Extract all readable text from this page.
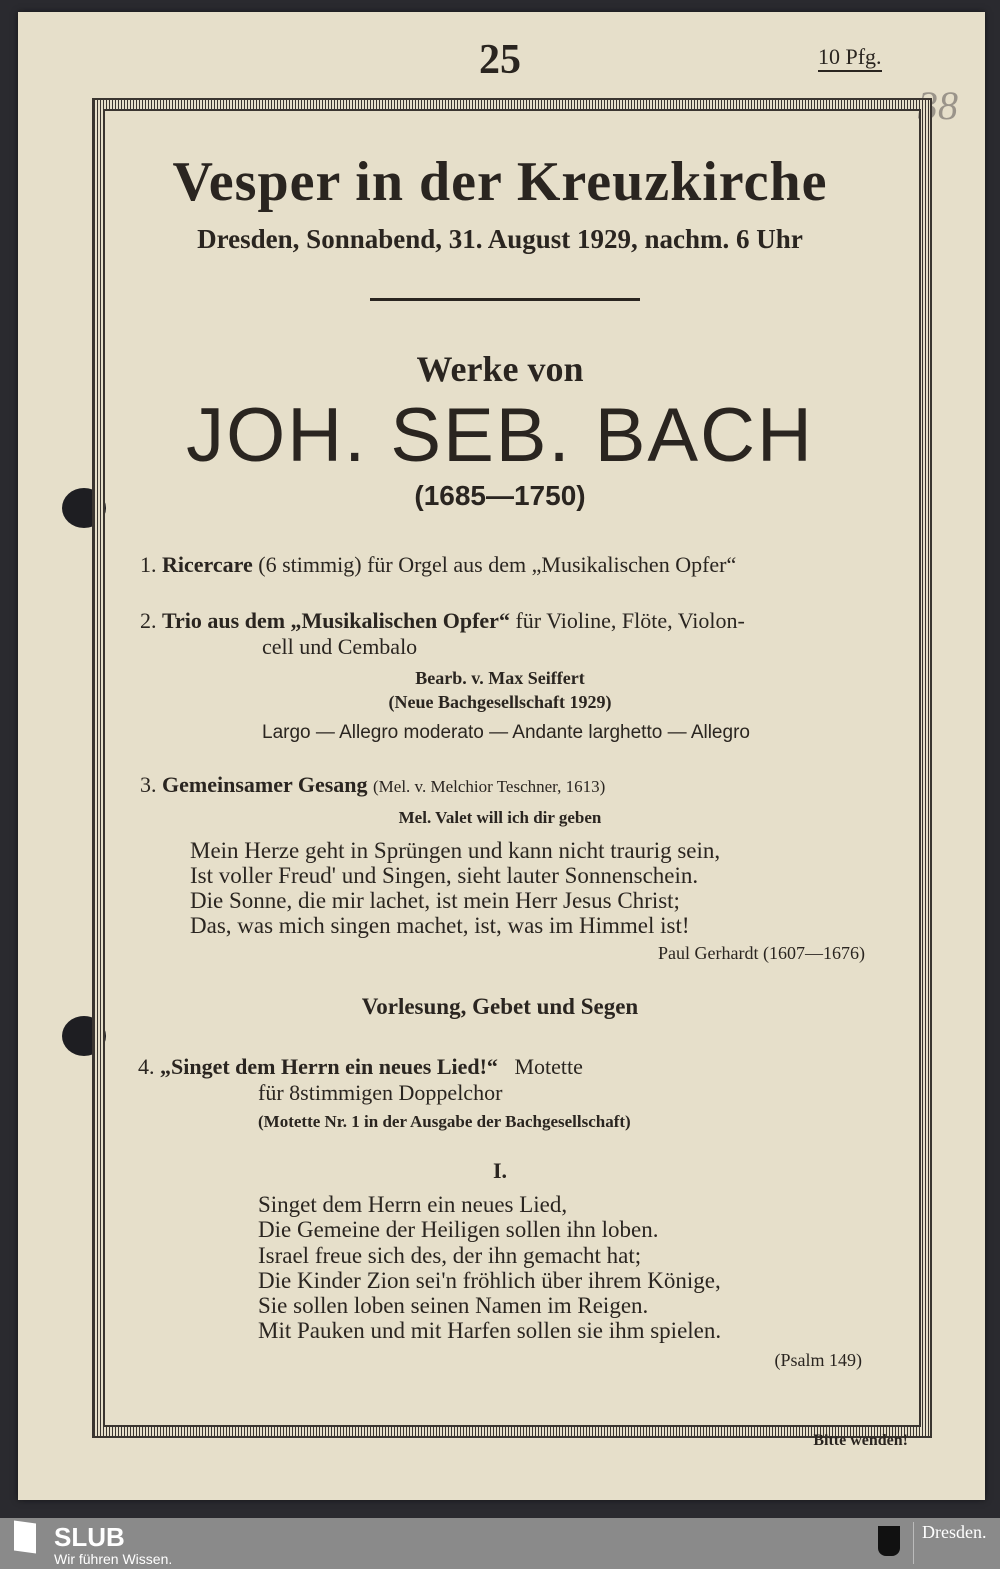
25	10 Pfg.
38
Vesper in der Kreuzkirche
Dresden, Sonnabend, 31. August 1929, nachm. 6 Uhr
Werke von
JOH. SEB. BACH
(1685—1750)
1. Ricercare (6 stimmig) für Orgel aus dem „Musikalischen Opfer“
2. Trio aus dem „Musikalischen Opfer“ für Violine, Flöte, Violon-
cell und Cembalo
Bearb. v. Max Seiffert
(Neue Bachgesellschaft 1929)
Largo — Allegro moderato — Andante larghetto — Allegro
3. Gemeinsamer Gesang (Mel. v. Melchior Teschner, 1613)
Mel. Valet will ich dir geben
Mein Herze geht in Sprüngen und kann nicht traurig sein,
Ist voller Freud' und Singen, sieht lauter Sonnenschein.
Die Sonne, die mir lachet, ist mein Herr Jesus Christ;
Das, was mich singen machet, ist, was im Himmel ist!
Paul Gerhardt (1607—1676)
Vorlesung, Gebet und Segen
4. „Singet dem Herrn ein neues Lied!“ Motette
für 8stimmigen Doppelchor
(Motette Nr. 1 in der Ausgabe der Bachgesellschaft)
I.
Singet dem Herrn ein neues Lied,
Die Gemeine der Heiligen sollen ihn loben.
Israel freue sich des, der ihn gemacht hat;
Die Kinder Zion sei'n fröhlich über ihrem Könige,
Sie sollen loben seinen Namen im Reigen.
Mit Pauken und mit Harfen sollen sie ihm spielen.
(Psalm 149)
Bitte wenden!
SLUB
Wir führen Wissen.
Dresden.
